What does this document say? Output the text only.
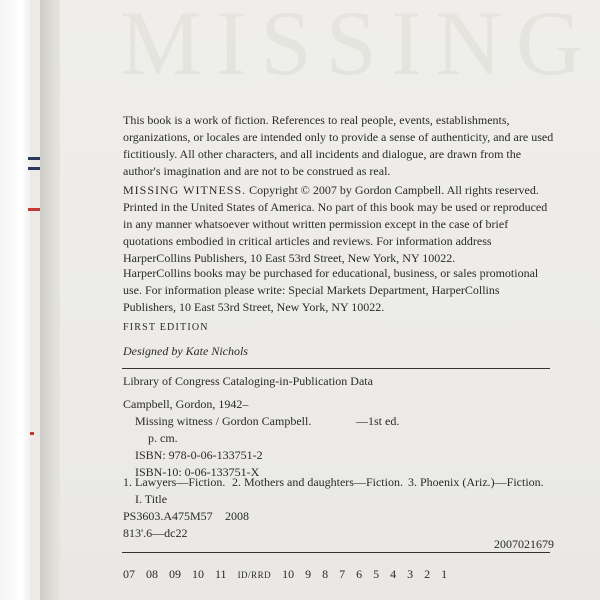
MISSING

This book is a work of fiction. References to real people, events, establishments, organizations, or locales are intended only to provide a sense of authenticity, and are used fictitiously. All other characters, and all incidents and dialogue, are drawn from the author's imagination and are not to be construed as real.

MISSING WITNESS. Copyright © 2007 by Gordon Campbell. All rights reserved. Printed in the United States of America. No part of this book may be used or reproduced in any manner whatsoever without written permission except in the case of brief quotations embodied in critical articles and reviews. For information address HarperCollins Publishers, 10 East 53rd Street, New York, NY 10022.

HarperCollins books may be purchased for educational, business, or sales promotional use. For information please write: Special Markets Department, HarperCollins Publishers, 10 East 53rd Street, New York, NY 10022.

FIRST EDITION
Designed by Kate Nichols
Library of Congress Cataloging-in-Publication Data
Campbell, Gordon, 1942–
Missing witness / Gordon Campbell.	—1st ed.
p. cm.
ISBN: 978-0-06-133751-2
ISBN-10: 0-06-133751-X
1. Lawyers—Fiction. 2. Mothers and daughters—Fiction. 3. Phoenix (Ariz.)—Fiction.
I. Title
PS3603.A475M57 2008
813'.6—dc22
2007021679
07 08 09 10 11 ID/RRD 10 9 8 7 6 5 4 3 2 1
